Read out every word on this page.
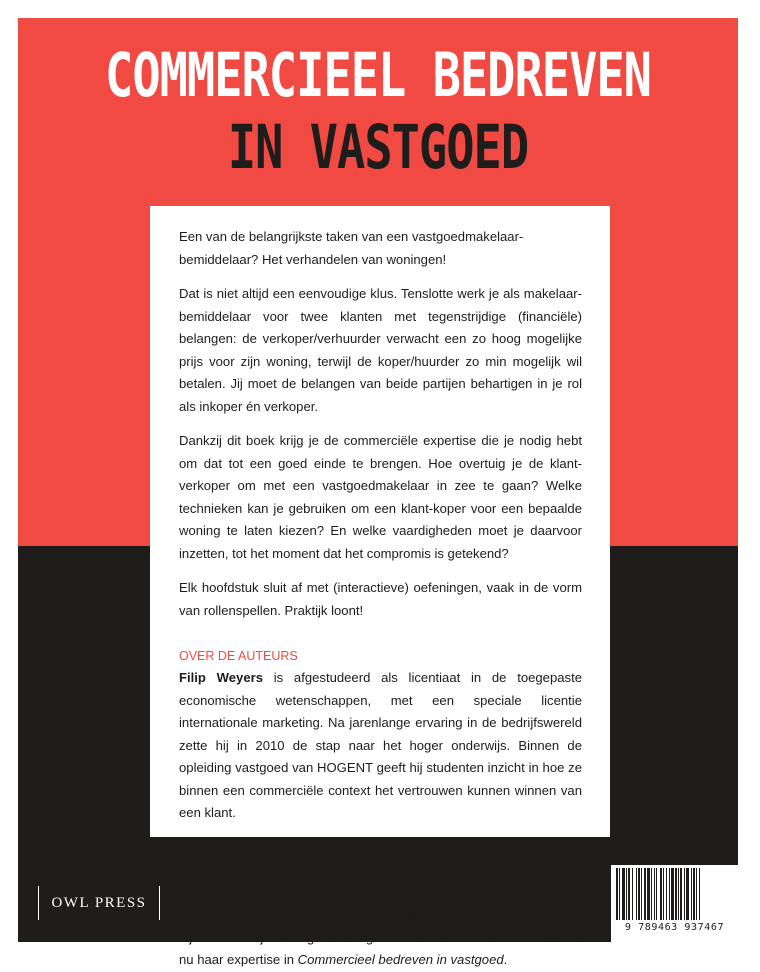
COMMERCIEEL BEDREVEN
IN VASTGOED

Een van de belangrijkste taken van een vastgoedmakelaar-bemiddelaar? Het verhandelen van woningen!

Dat is niet altijd een eenvoudige klus. Tenslotte werk je als makelaar-bemiddelaar voor twee klanten met tegenstrijdige (financiële) belangen: de verkoper/verhuurder verwacht een zo hoog mogelijke prijs voor zijn woning, terwijl de koper/huurder zo min mogelijk wil betalen. Jij moet de belangen van beide partijen behartigen in je rol als inkoper én verkoper.

Dankzij dit boek krijg je de commerciële expertise die je nodig hebt om dat tot een goed einde te brengen. Hoe overtuig je de klant-verkoper om met een vastgoedmakelaar in zee te gaan? Welke technieken kan je gebruiken om een klant-koper voor een bepaalde woning te laten kiezen? En welke vaardigheden moet je daarvoor inzetten, tot het moment dat het compromis is getekend?

Elk hoofdstuk sluit af met (interactieve) oefeningen, vaak in de vorm van rollenspellen. Praktijk loont!

OVER DE AUTEURS

Filip Weyers is afgestudeerd als licentiaat in de toegepaste economische wetenschappen, met een speciale licentie internationale marketing. Na jarenlange ervaring in de bedrijfswereld zette hij in 2010 de stap naar het hoger onderwijs. Binnen de opleiding vastgoed van HOGENT geeft hij studenten inzicht in hoe ze binnen een commerciële context het vertrouwen kunnen winnen van een klant.

Barbara Van Camp ging na het behalen van haar licentie in de rechten, bachelor marketing en aggregaat aan de slag in de vastgoedwereld en het onderwijs. Als vastgoedmakelaar ontdekte ze haar passie voor makelen in het algemeen en inkopen in het bijzonder. Na jarenlange ervaring als docente aan HOGENT deelt ze nu haar expertise in Commercieel bedreven in vastgoed.

OWL PRESS
9 789463 937467
